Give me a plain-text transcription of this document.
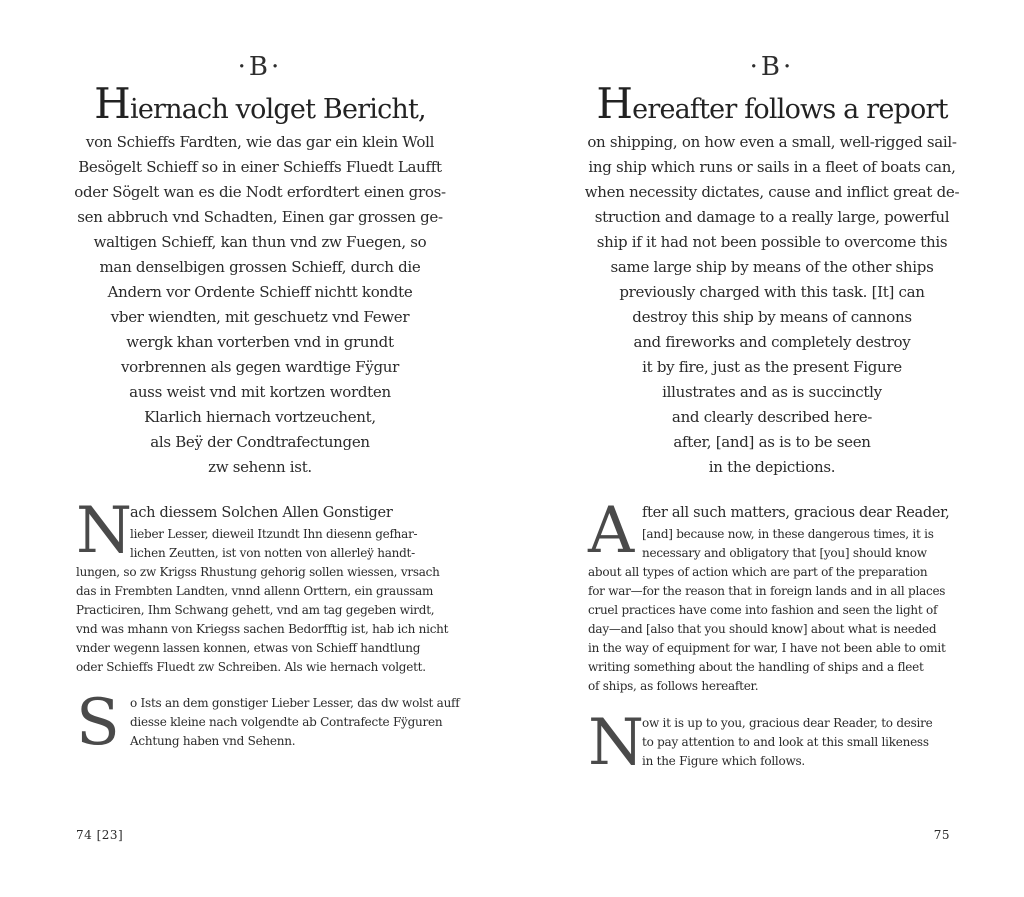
·B·
Hiernach volget Bericht,
von Schieffs Fardten, wie das gar ein klein Woll
Besögelt Schieff so in einer Schieffs Fluedt Laufft
oder Sögelt wan es die Nodt erfordtert einen gros-
sen abbruch vnd Schadten, Einen gar grossen ge-
waltigen Schieff, kan thun vnd zw Fuegen, so
man denselbigen grossen Schieff, durch die
Andern vor Ordente Schieff nichtt kondte
vber wiendten, mit geschuetz vnd Fewer
wergk khan vorterben vnd in grundt
vorbrennen als gegen wardtige Fÿgur
auss weist vnd mit kortzen wordten
Klarlich hiernach vortzeuchent,
als Beÿ der Condtrafectungen
zw sehenn ist.
N
ach diessem Solchen Allen Gonstiger
lieber Lesser, dieweil Itzundt Ihn diesenn gefhar-
lichen Zeutten, ist von notten von allerleÿ handt-
lungen, so zw Krigss Rhustung gehorig sollen wiessen, vrsach
das in Frembten Landten, vnnd allenn Orttern, ein graussam
Practiciren, Ihm Schwang gehett, vnd am tag gegeben wirdt,
vnd was mhann von Kriegss sachen Bedorfftig ist, hab ich nicht
vnder wegenn lassen konnen, etwas von Schieff handtlung
oder Schieffs Fluedt zw Schreiben. Als wie hernach volgett.
S o Ists an dem gonstiger Lieber Lesser, das dw wolst auff
diesse kleine nach volgendte ab Contrafecte Fÿguren
Achtung haben vnd Sehenn.
74 [23]
·B·
Hereafter follows a report
on shipping, on how even a small, well-rigged sail-
ing ship which runs or sails in a fleet of boats can,
when necessity dictates, cause and inflict great de-
struction and damage to a really large, powerful
ship if it had not been possible to overcome this
same large ship by means of the other ships
previously charged with this task. [It] can
destroy this ship by means of cannons
and fireworks and completely destroy
it by fire, just as the present Figure
illustrates and as is succinctly
and clearly described here-
after, [and] as is to be seen
in the depictions.
A fter all such matters, gracious dear Reader,
[and] because now, in these dangerous times, it is
necessary and obligatory that [you] should know
about all types of action which are part of the preparation
for war—for the reason that in foreign lands and in all places
cruel practices have come into fashion and seen the light of
day—and [also that you should know] about what is needed
in the way of equipment for war, I have not been able to omit
writing something about the handling of ships and a fleet
of ships, as follows hereafter.
N
ow it is up to you, gracious dear Reader, to desire
to pay attention to and look at this small likeness
in the Figure which follows.
75
